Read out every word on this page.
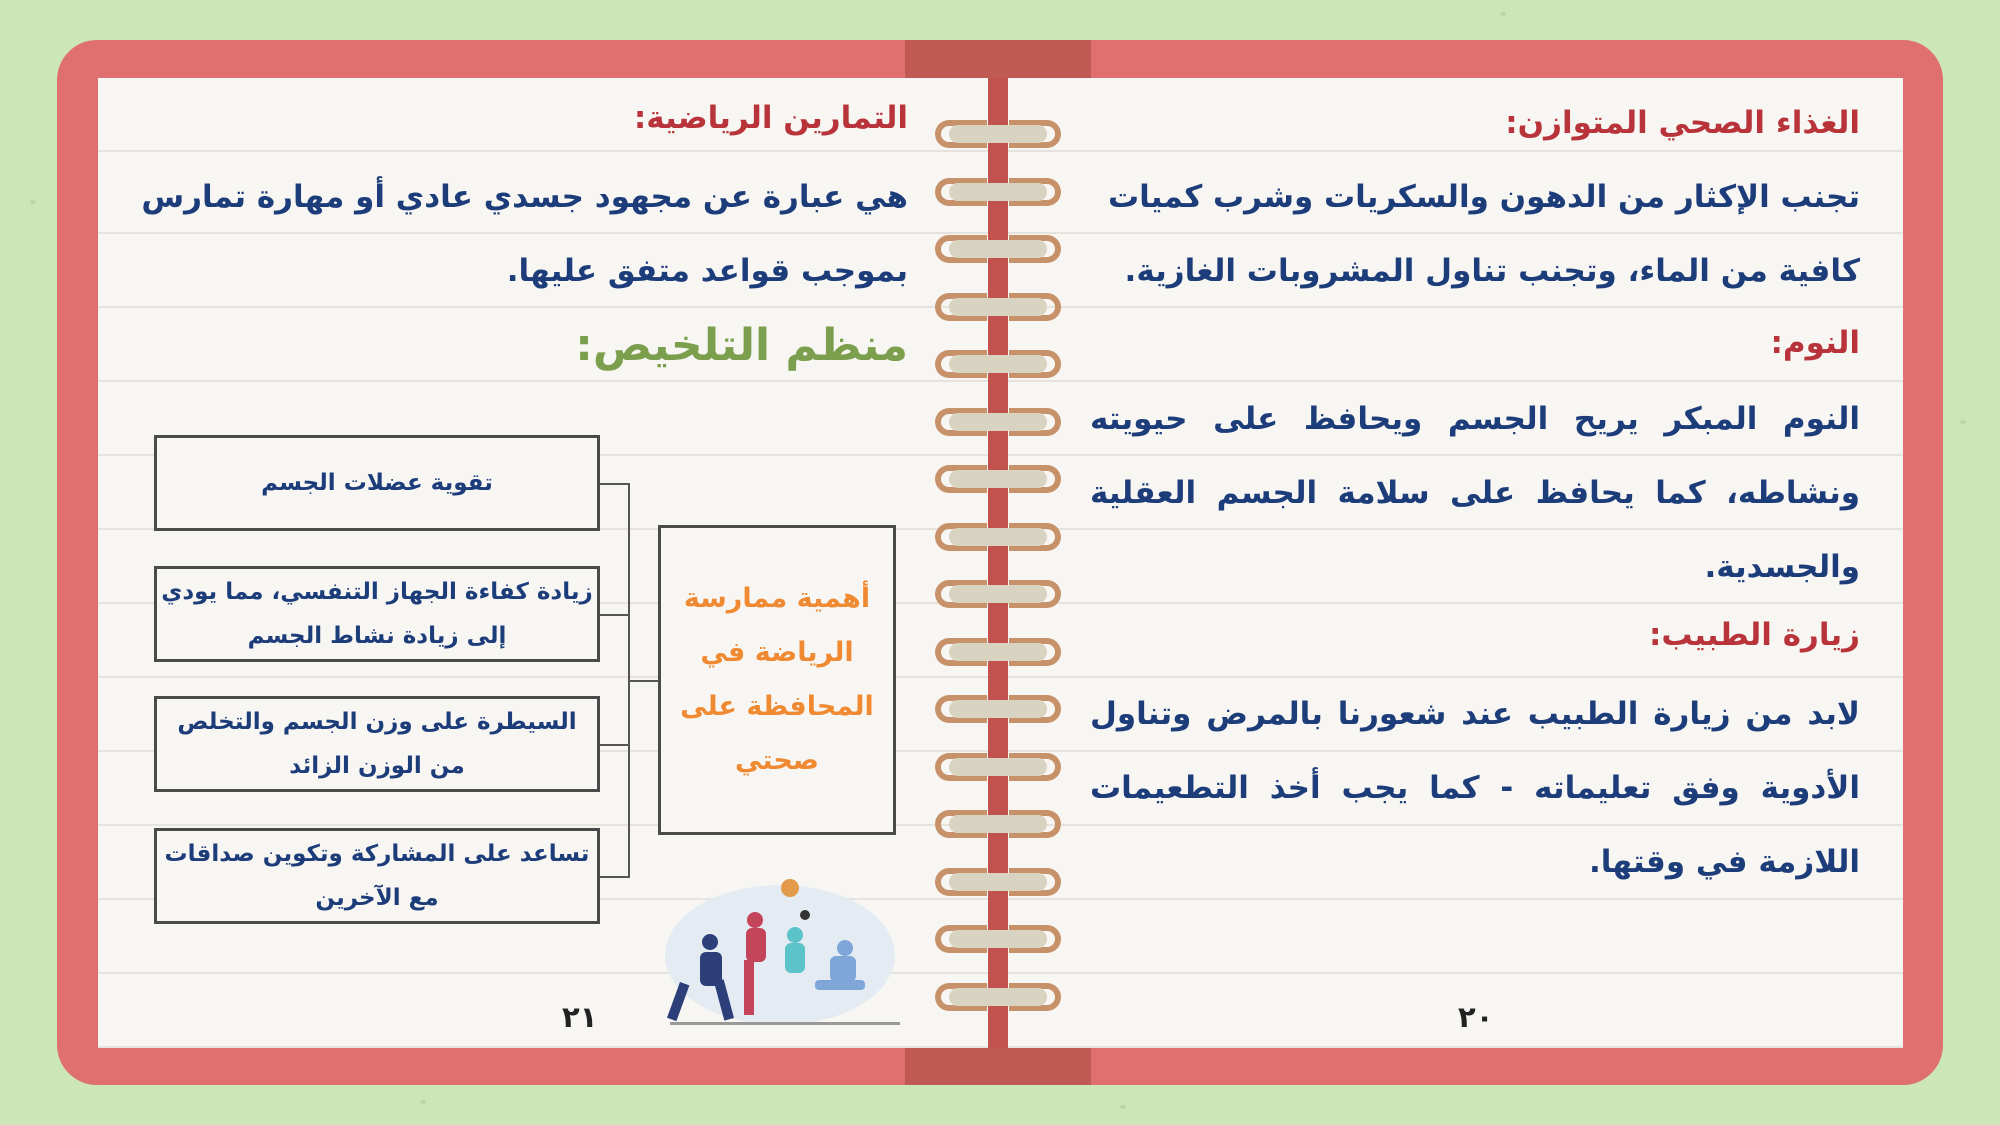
التمارين الرياضية:
هي عبارة عن مجهود جسدي عادي أو مهارة تمارس بموجب قواعد متفق عليها.
منظم التلخيص:
تقوية عضلات الجسم
زيادة كفاءة الجهاز التنفسي، مما يودي إلى زيادة نشاط الجسم
السيطرة على وزن الجسم والتخلص من الوزن الزائد
تساعد على المشاركة وتكوين صداقات مع الآخرين
أهمية ممارسة الرياضة في المحافظة على صحتي
٢١
الغذاء الصحي المتوازن:
تجنب الإكثار من الدهون والسكريات وشرب كميات كافية من الماء، وتجنب تناول المشروبات الغازية.
النوم:
النوم المبكر يريح الجسم ويحافظ على حيويته ونشاطه، كما يحافظ على سلامة الجسم العقلية والجسدية.
زيارة الطبيب:
لابد من زيارة الطبيب عند شعورنا بالمرض وتناول الأدوية وفق تعليماته - كما يجب أخذ التطعيمات اللازمة في وقتها.
٢٠
